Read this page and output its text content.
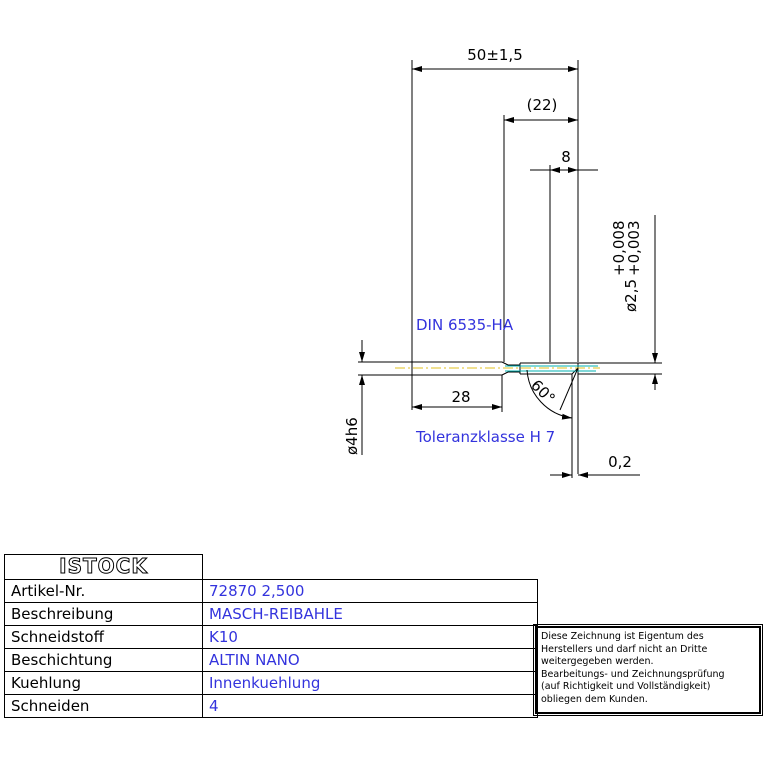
50±1,5
(22)
8
ø2,5
+0,008
+0,003
28
ø4h6
60°
0,2
DIN 6535-HA
Toleranzklasse H 7
ISTOCK	
Artikel-Nr.	72870 2,500
Beschreibung	MASCH-REIBAHLE
Schneidstoff	K10
Beschichtung	ALTIN NANO
Kuehlung	Innenkuehlung
Schneiden	4
Diese Zeichnung ist Eigentum des
Herstellers und darf nicht an Dritte
weitergegeben werden.
Bearbeitungs- und Zeichnungsprüfung
(auf Richtigkeit und Vollständigkeit)
obliegen dem Kunden.
